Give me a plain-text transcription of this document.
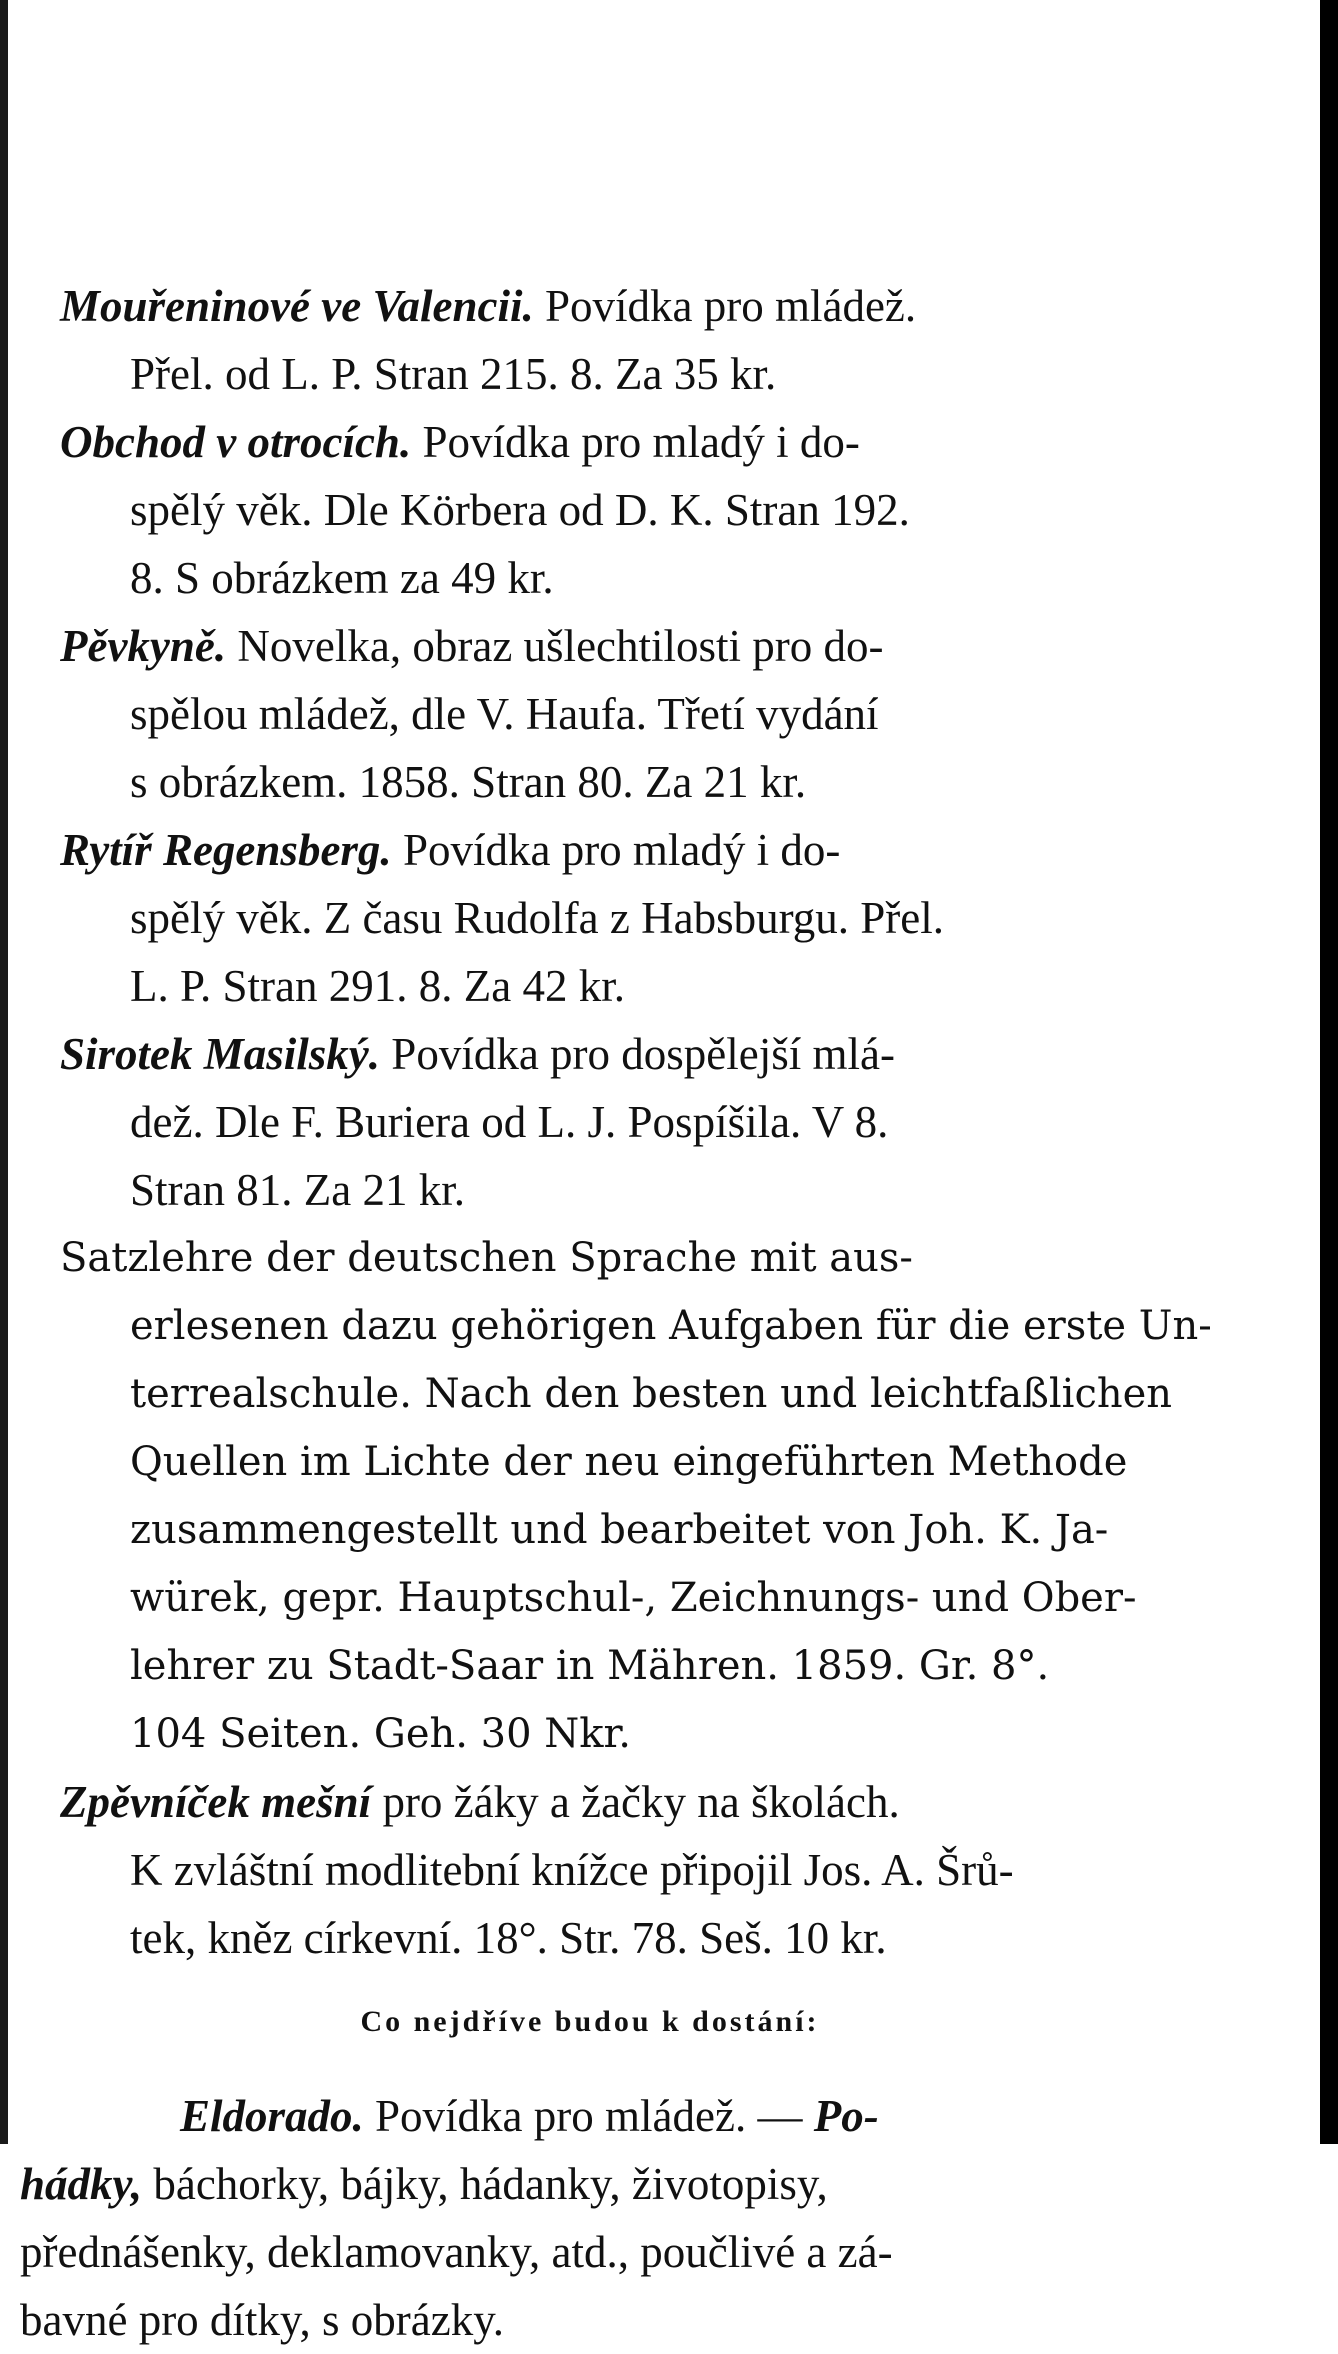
Mouřeninové ve Valencii. Povídka pro mládež.
Přel. od L. P. Stran 215. 8. Za 35 kr.
Obchod v otrocích. Povídka pro mladý i do-
spělý věk. Dle Körbera od D. K. Stran 192.
8. S obrázkem za 49 kr.
Pěvkyně. Novelka, obraz ušlechtilosti pro do-
spělou mládež, dle V. Haufa. Třetí vydání
s obrázkem. 1858. Stran 80. Za 21 kr.
Rytíř Regensberg. Povídka pro mladý i do-
spělý věk. Z času Rudolfa z Habsburgu. Přel.
L. P. Stran 291. 8. Za 42 kr.
Sirotek Masilský. Povídka pro dospělejší mlá-
dež. Dle F. Buriera od L. J. Pospíšila. V 8.
Stran 81. Za 21 kr.
Satzlehre der deutschen Sprache mit aus-
erlesenen dazu gehörigen Aufgaben für die erste Un-
terrealschule. Nach den besten und leichtfaßlichen
Quellen im Lichte der neu eingeführten Methode
zusammengestellt und bearbeitet von Joh. K. Ja-
würek, gepr. Hauptschul-, Zeichnungs- und Ober-
lehrer zu Stadt-Saar in Mähren. 1859. Gr. 8°.
104 Seiten. Geh. 30 Nkr.
Zpěvníček mešní pro žáky a žačky na školách.
K zvláštní modlitební knížce připojil Jos. A. Šrů-
tek, kněz církevní. 18°. Str. 78. Seš. 10 kr.
Co nejdříve budou k dostání:
Eldorado. Povídka pro mládež. — Po-
hádky, báchorky, bájky, hádanky, životopisy,
přednášenky, deklamovanky, atd., poučlivé a zá-
bavné pro dítky, s obrázky.
